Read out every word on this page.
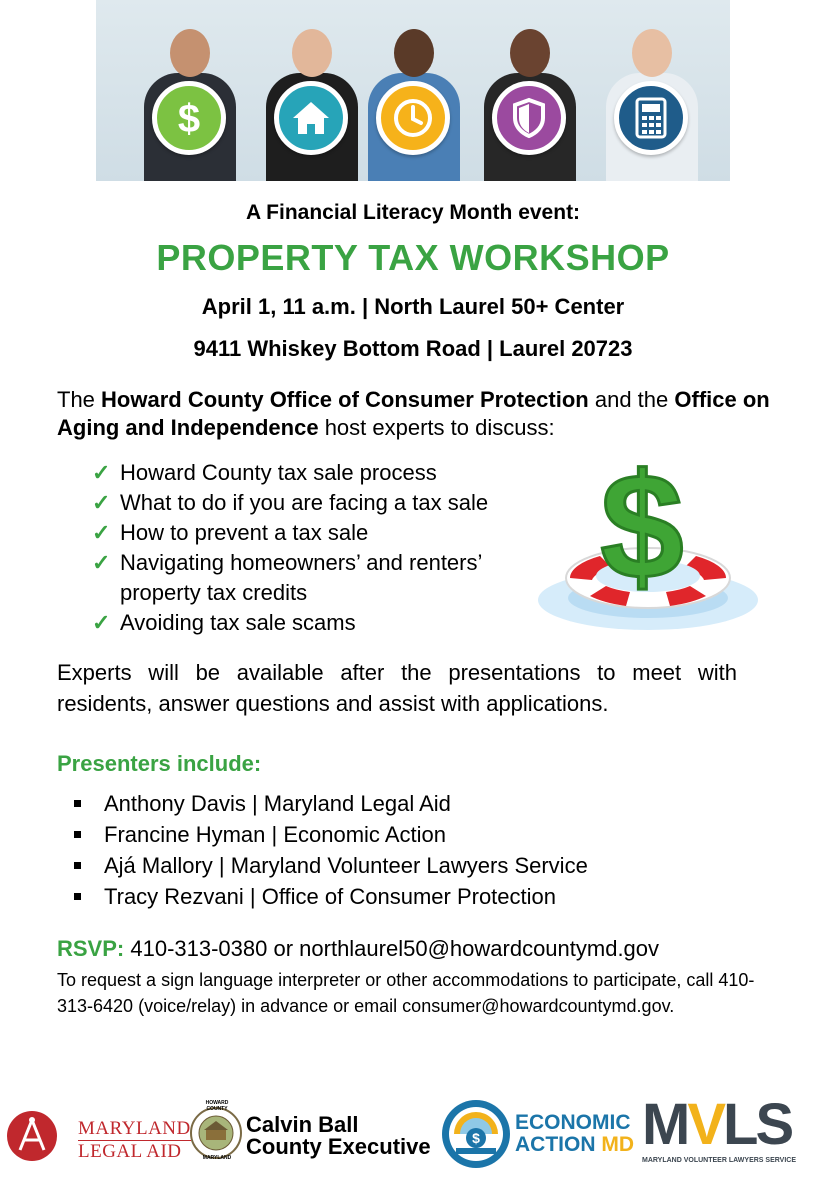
$
A Financial Literacy Month event:
PROPERTY TAX WORKSHOP
April 1, 11 a.m. | North Laurel 50+ Center
9411 Whiskey Bottom Road | Laurel 20723
The Howard County Office of Consumer Protection and the Office on Aging and Independence host experts to discuss:
✓ Howard County tax sale process
✓ What to do if you are facing a tax sale
✓ How to prevent a tax sale
✓ Navigating homeowners’ and renters’ property tax credits
✓ Avoiding tax sale scams
$
Experts will be available after the presentations to meet with residents, answer questions and assist with applications.
Presenters include:
Anthony Davis | Maryland Legal Aid
Francine Hyman | Economic Action
Ajá Mallory | Maryland Volunteer Lawyers Service
Tracy Rezvani | Office of Consumer Protection
RSVP: 410-313-0380 or northlaurel50@howardcountymd.gov
To request a sign language interpreter or other accommodations to participate, call 410-313-6420 (voice/relay) in advance or email consumer@howardcountymd.gov.
MARYLAND
LEGAL AID
HOWARD COUNTY
MARYLAND
Calvin Ball
County Executive	$
ECONOMIC
ACTION MD MVLS
MARYLAND VOLUNTEER LAWYERS SERVICE
